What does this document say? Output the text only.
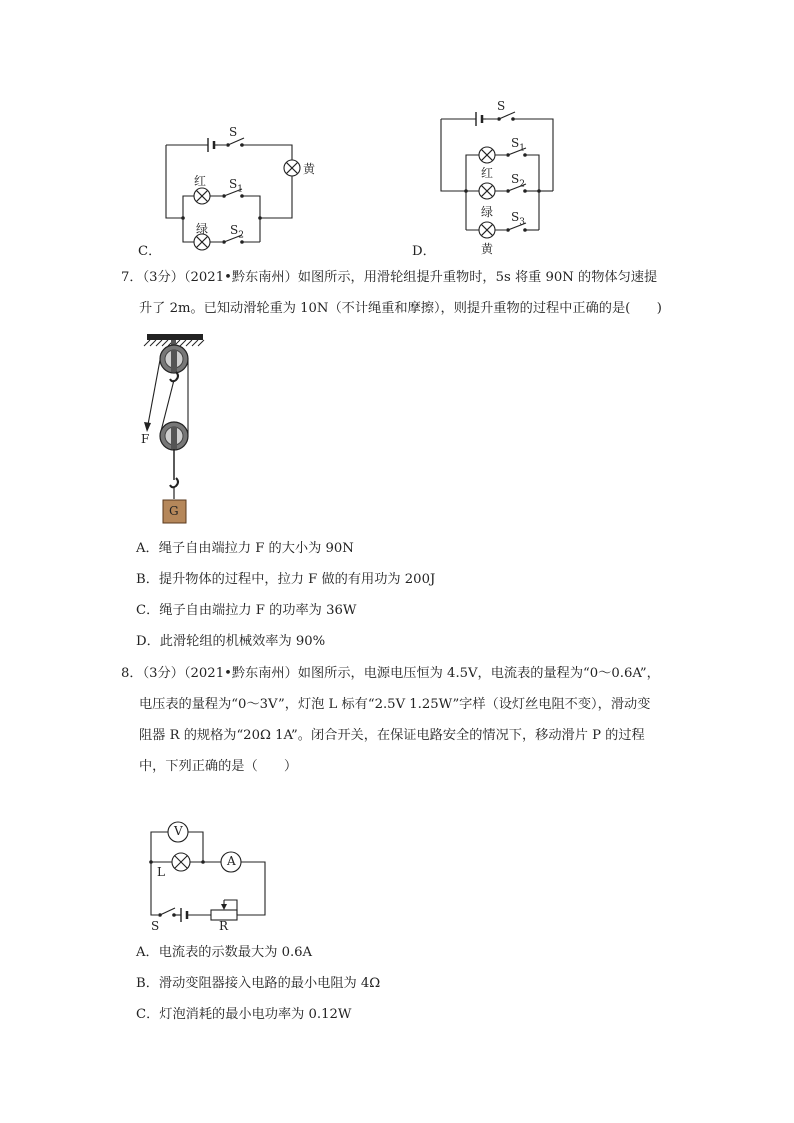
S
黄
红 $S_1$
绿 $S_2$
C．
S
$S_1$
红 $S_2$
绿 $S_3$
黄
D．
7．（3分）（2021•黔东南州）如图所示，用滑轮组提升重物时，5s 将重 90N 的物体匀速提
升了 2m。已知动滑轮重为 10N（不计绳重和摩擦），则提升重物的过程中正确的是(　　)
F
G
A．绳子自由端拉力 F 的大小为 90N
B．提升物体的过程中，拉力 F 做的有用功为 200J
C．绳子自由端拉力 F 的功率为 36W
D．此滑轮组的机械效率为 90%
8．（3分）（2021•黔东南州）如图所示，电源电压恒为 4.5V，电流表的量程为“0～0.6A”，
电压表的量程为“0～3V”，灯泡 L 标有“2.5V 1.25W”字样（设灯丝电阻不变），滑动变
阻器 R 的规格为“20Ω 1A”。闭合开关，在保证电路安全的情况下，移动滑片 P 的过程
中，下列正确的是（　　）
V
A
L
S	R
A．电流表的示数最大为 0.6A
B．滑动变阻器接入电路的最小电阻为 4Ω
C．灯泡消耗的最小电功率为 0.12W
